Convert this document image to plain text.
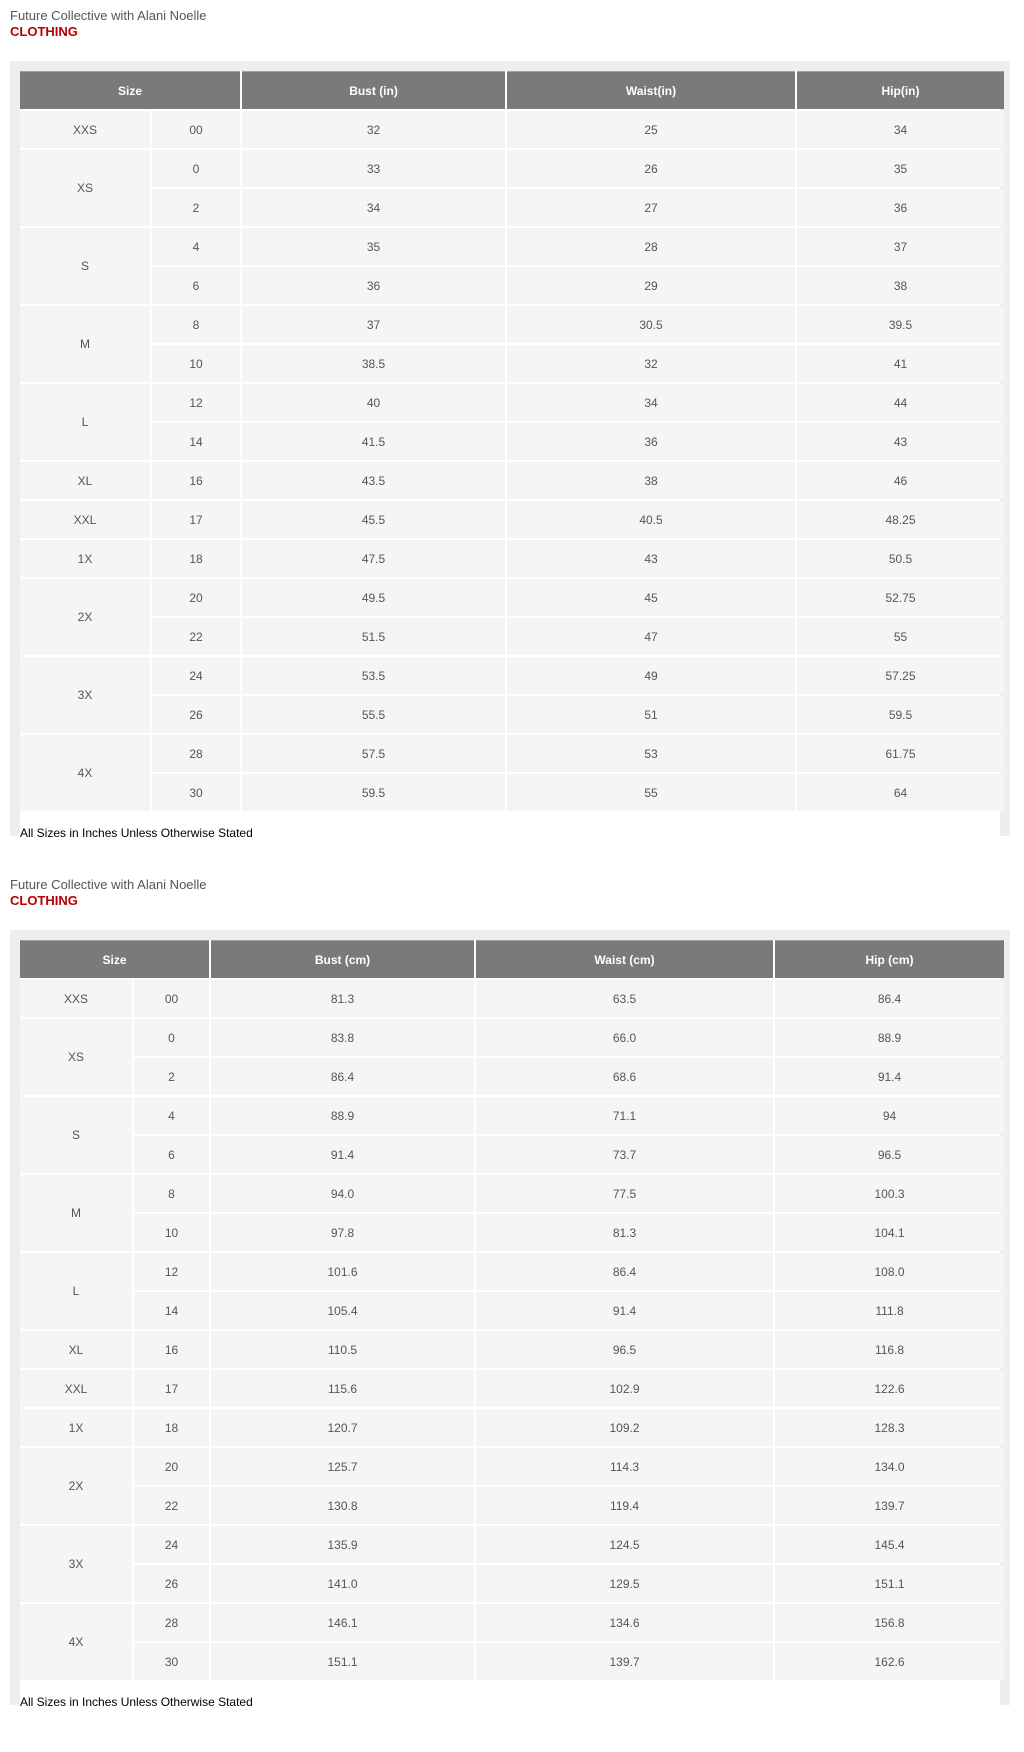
Future Collective with Alani Noelle
CLOTHING
Size		Bust (in)	Waist(in)	Hip(in)
XXS	00	32	25	34
XS	0	33	26	35
	2	34	27	36
S	4	35	28	37
	6	36	29	38
M	8	37	30.5	39.5
	10	38.5	32	41
L	12	40	34	44
	14	41.5	36	43
XL	16	43.5	38	46
XXL	17	45.5	40.5	48.25
1X	18	47.5	43	50.5
2X	20	49.5	45	52.75
	22	51.5	47	55
3X	24	53.5	49	57.25
	26	55.5	51	59.5
4X	28	57.5	53	61.75
	30	59.5	55	64
All Sizes in Inches Unless Otherwise Stated
Future Collective with Alani Noelle
CLOTHING
Size		Bust (cm)	Waist (cm)	Hip (cm)
XXS	00	81.3	63.5	86.4
XS	0	83.8	66.0	88.9
	2	86.4	68.6	91.4
S	4	88.9	71.1	94
	6	91.4	73.7	96.5
M	8	94.0	77.5	100.3
	10	97.8	81.3	104.1
L	12	101.6	86.4	108.0
	14	105.4	91.4	111.8
XL	16	110.5	96.5	116.8
XXL	17	115.6	102.9	122.6
1X	18	120.7	109.2	128.3
2X	20	125.7	114.3	134.0
	22	130.8	119.4	139.7
3X	24	135.9	124.5	145.4
	26	141.0	129.5	151.1
4X	28	146.1	134.6	156.8
	30	151.1	139.7	162.6
All Sizes in Inches Unless Otherwise Stated
